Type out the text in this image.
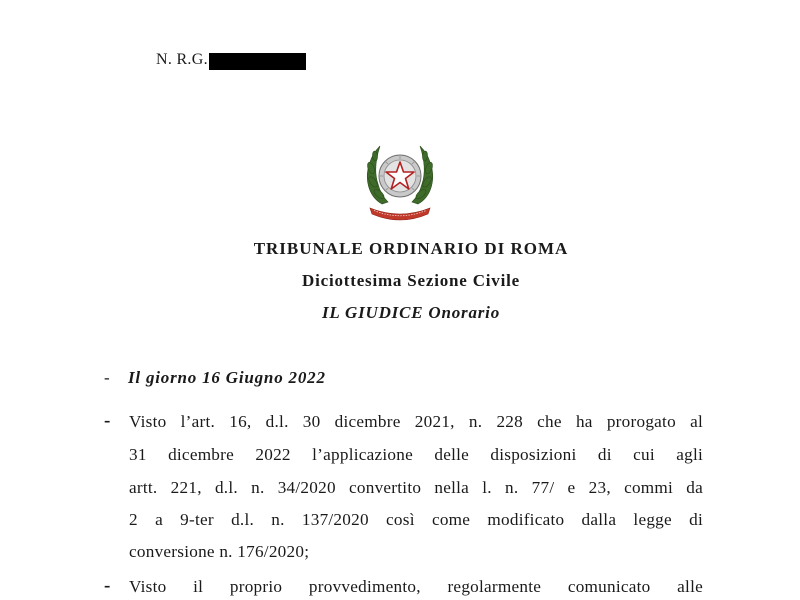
N. R.G.
TRIBUNALE ORDINARIO DI ROMA
Diciottesima Sezione Civile
IL GIUDICE Onorario
- Il giorno 16 Giugno 2022
- Visto l’art. 16, d.l. 30 dicembre 2021, n. 228 che ha prorogato al
31 dicembre 2022 l’applicazione delle disposizioni di cui agli
artt. 221, d.l. n. 34/2020 convertito nella l. n. 77/ e 23, commi da
2 a 9-ter d.l. n. 137/2020 così come modificato dalla legge di
conversione n. 176/2020;
- Visto il proprio provvedimento, regolarmente comunicato alle
